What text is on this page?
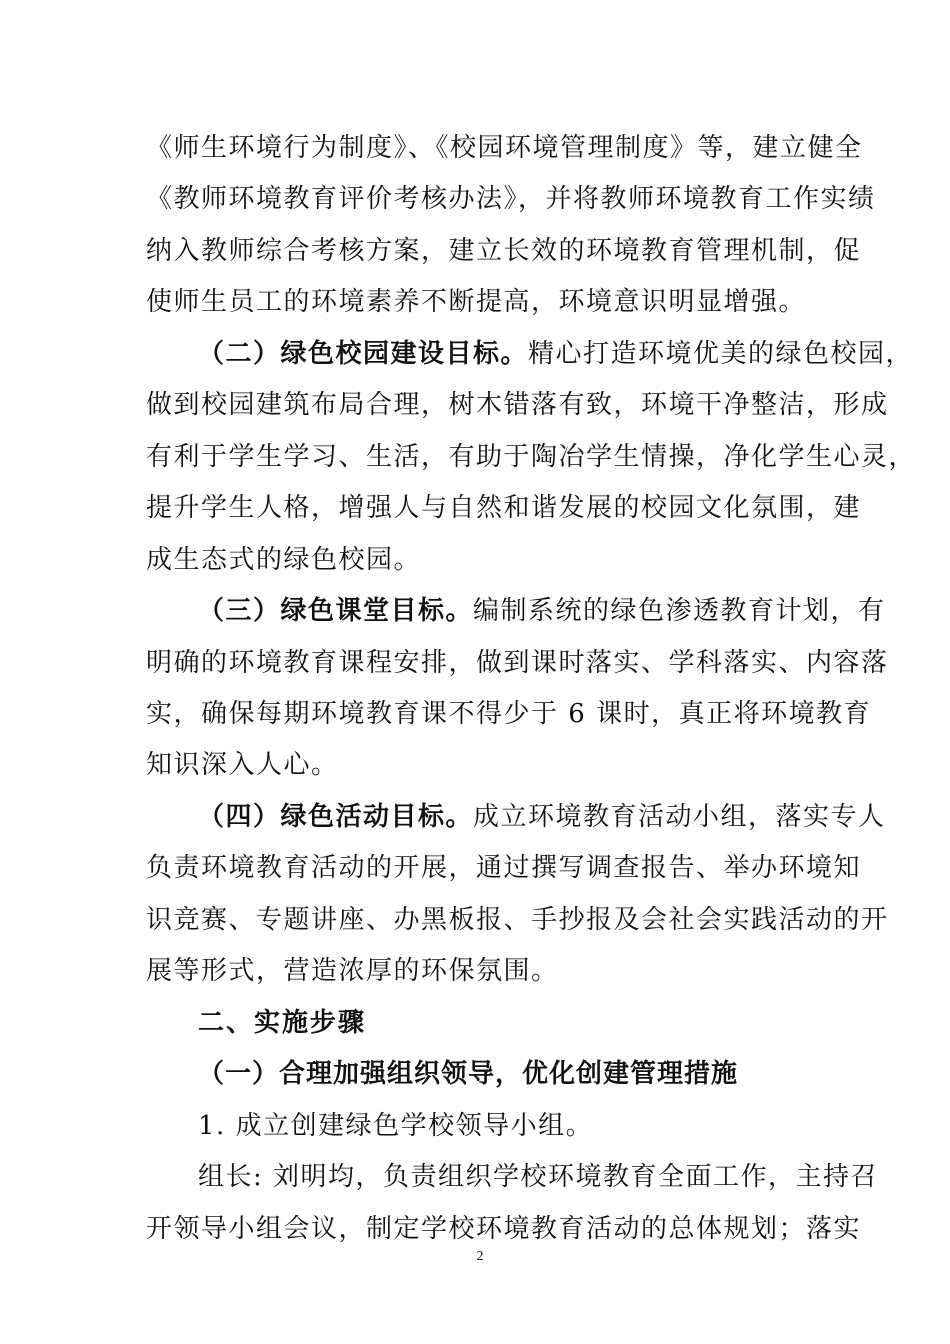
《师生环境行为制度》、《校园环境管理制度》等，建立健全
《教师环境教育评价考核办法》，并将教师环境教育工作实绩
纳入教师综合考核方案，建立长效的环境教育管理机制，促
使师生员工的环境素养不断提高，环境意识明显增强。
（二）绿色校园建设目标。精心打造环境优美的绿色校园，
做到校园建筑布局合理，树木错落有致，环境干净整洁，形成
有利于学生学习、生活，有助于陶冶学生情操，净化学生心灵，
提升学生人格，增强人与自然和谐发展的校园文化氛围，建
成生态式的绿色校园。
（三）绿色课堂目标。编制系统的绿色渗透教育计划，有
明确的环境教育课程安排，做到课时落实、学科落实、内容落
实，确保每期环境教育课不得少于 6 课时，真正将环境教育
知识深入人心。
（四）绿色活动目标。成立环境教育活动小组，落实专人
负责环境教育活动的开展，通过撰写调查报告、举办环境知
识竞赛、专题讲座、办黑板报、手抄报及会社会实践活动的开
展等形式，营造浓厚的环保氛围。
二、实施步骤
（一）合理加强组织领导，优化创建管理措施
1. 成立创建绿色学校领导小组。
组长: 刘明均，负责组织学校环境教育全面工作，主持召
开领导小组会议，制定学校环境教育活动的总体规划；落实
2
